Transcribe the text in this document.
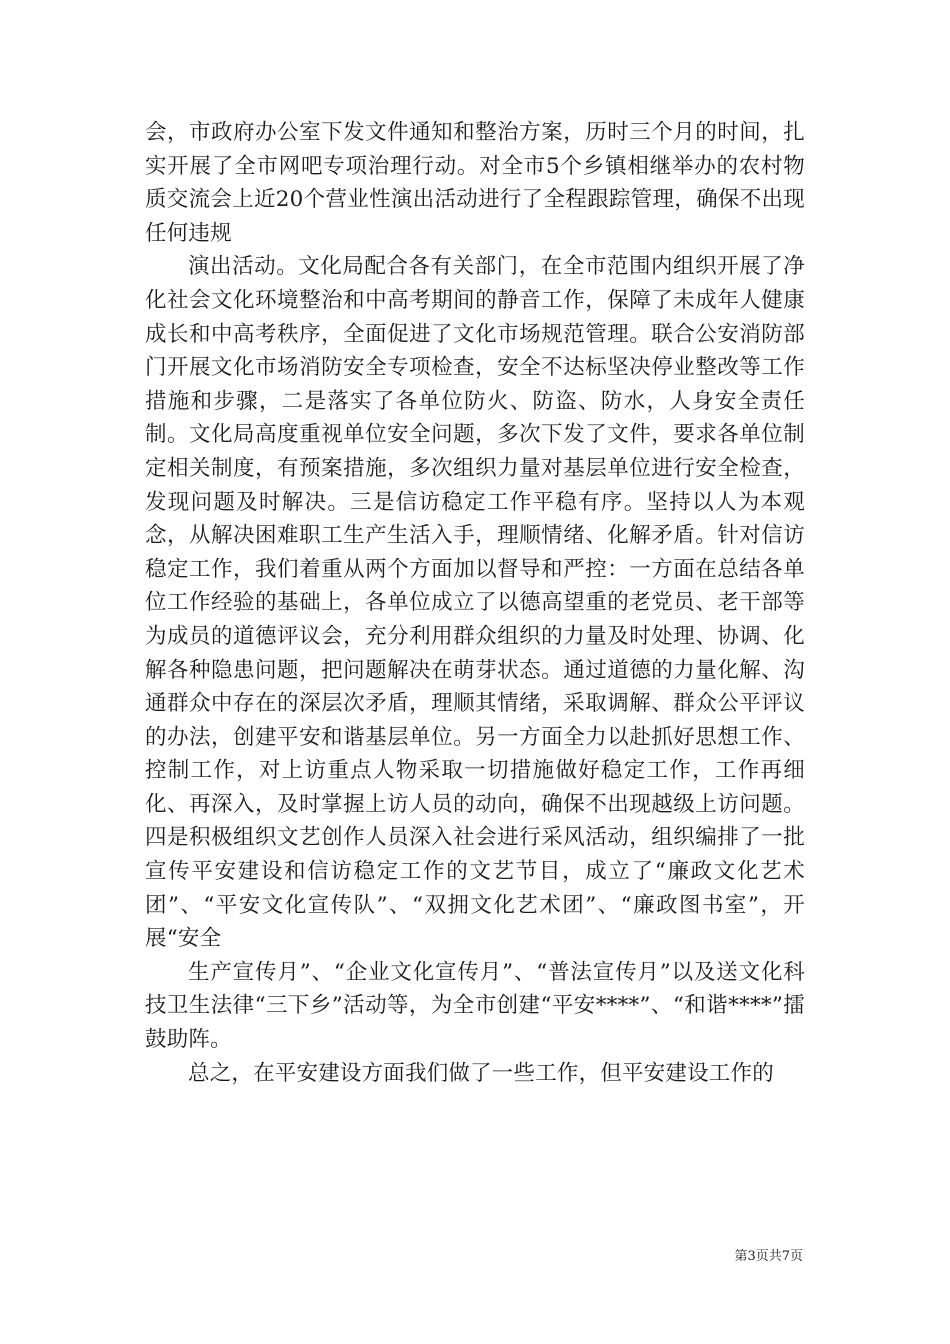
会，市政府办公室下发文件通知和整治方案，历时三个月的时间，扎实开展了全市网吧专项治理行动。对全市5个乡镇相继举办的农村物质交流会上近20个营业性演出活动进行了全程跟踪管理，确保不出现任何违规

演出活动。文化局配合各有关部门，在全市范围内组织开展了净化社会文化环境整治和中高考期间的静音工作，保障了未成年人健康成长和中高考秩序，全面促进了文化市场规范管理。联合公安消防部门开展文化市场消防安全专项检查，安全不达标坚决停业整改等工作措施和步骤，二是落实了各单位防火、防盗、防水，人身安全责任制。文化局高度重视单位安全问题，多次下发了文件，要求各单位制定相关制度，有预案措施，多次组织力量对基层单位进行安全检查，发现问题及时解决。三是信访稳定工作平稳有序。坚持以人为本观念，从解决困难职工生产生活入手，理顺情绪、化解矛盾。针对信访稳定工作，我们着重从两个方面加以督导和严控：一方面在总结各单位工作经验的基础上，各单位成立了以德高望重的老党员、老干部等为成员的道德评议会，充分利用群众组织的力量及时处理、协调、化解各种隐患问题，把问题解决在萌芽状态。通过道德的力量化解、沟通群众中存在的深层次矛盾，理顺其情绪，采取调解、群众公平评议的办法，创建平安和谐基层单位。另一方面全力以赴抓好思想工作、控制工作，对上访重点人物采取一切措施做好稳定工作，工作再细化、再深入，及时掌握上访人员的动向，确保不出现越级上访问题。四是积极组织文艺创作人员深入社会进行采风活动，组织编排了一批宣传平安建设和信访稳定工作的文艺节目，成立了“廉政文化艺术团”、“平安文化宣传队”、“双拥文化艺术团”、“廉政图书室”，开展“安全

生产宣传月”、“企业文化宣传月”、“普法宣传月”以及送文化科技卫生法律“三下乡”活动等，为全市创建“平安****”、“和谐****”擂鼓助阵。

总之，在平安建设方面我们做了一些工作，但平安建设工作的

第3页共7页
